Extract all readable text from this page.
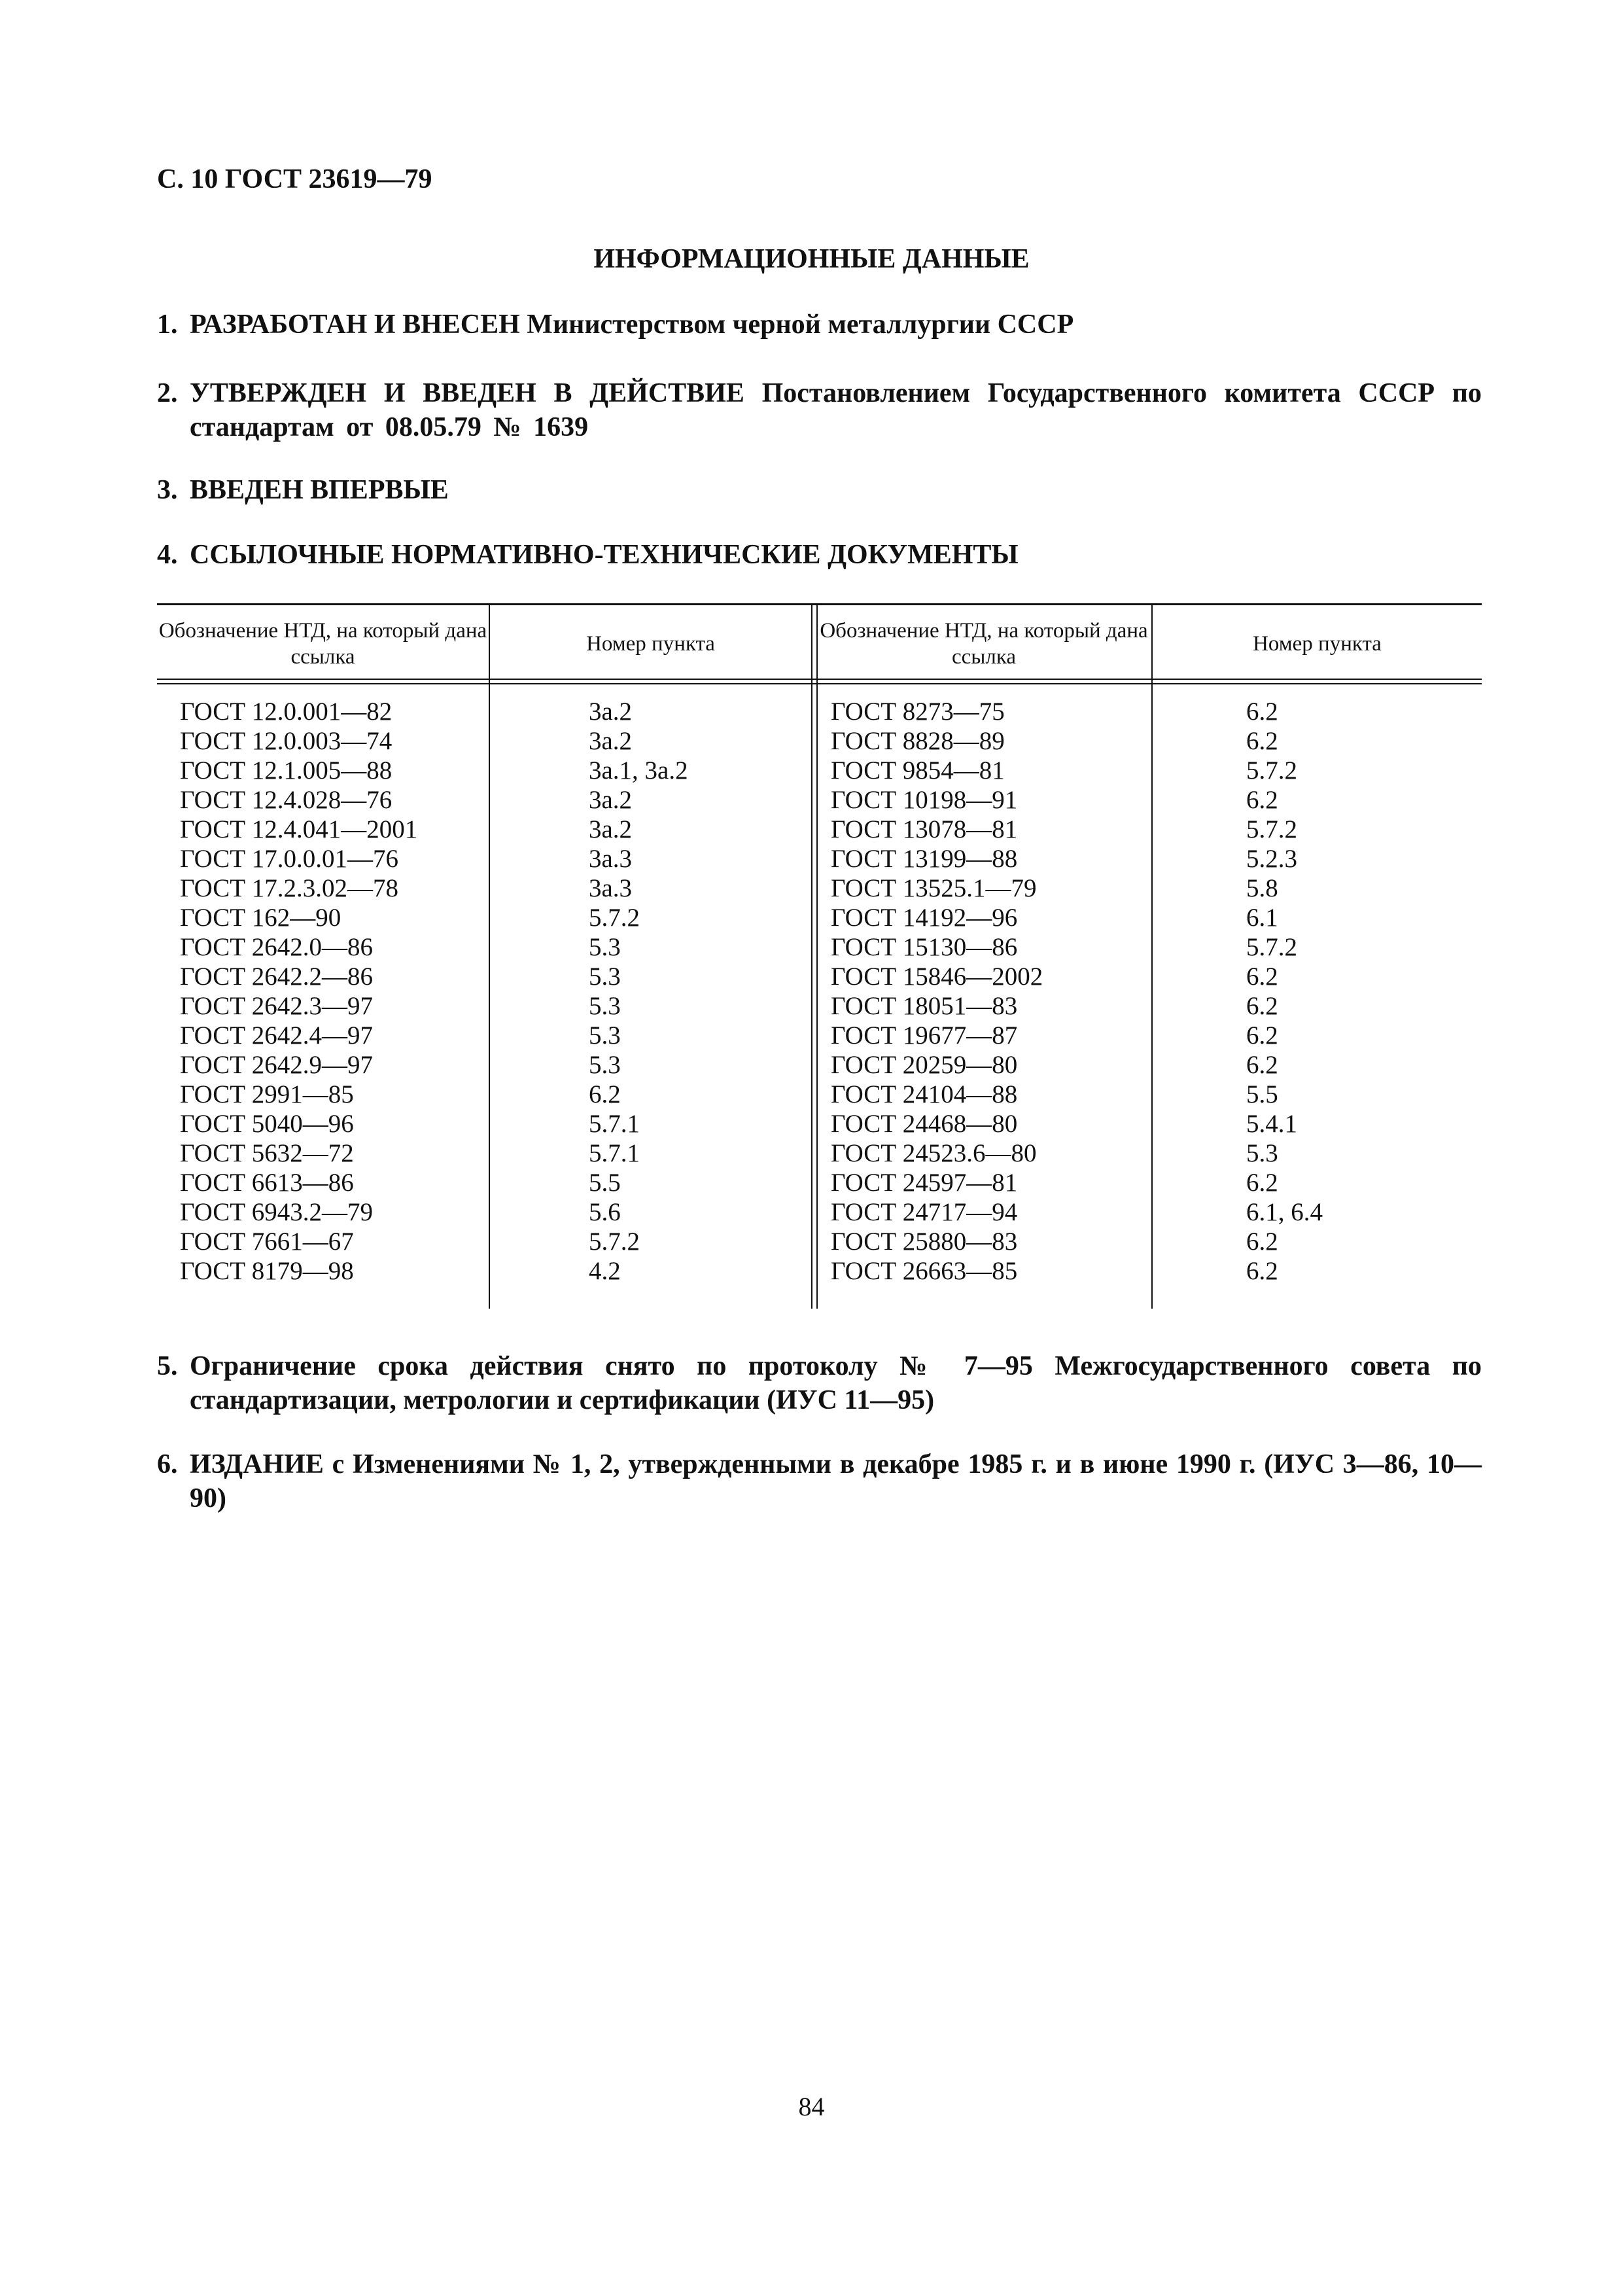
С. 10 ГОСТ 23619—79
ИНФОРМАЦИОННЫЕ ДАННЫЕ
1. РАЗРАБОТАН И ВНЕСЕН Министерством черной металлургии СССР
2. УТВЕРЖДЕН И ВВЕДЕН В ДЕЙСТВИЕ Постановлением Государственного комитета СССР по стандартам от 08.05.79 № 1639
3. ВВЕДЕН ВПЕРВЫЕ
4. ССЫЛОЧНЫЕ НОРМАТИВНО-ТЕХНИЧЕСКИЕ ДОКУМЕНТЫ
Обозначение НТД, на который дана ссылка
Номер пункта
Обозначение НТД, на который дана ссылка
Номер пункта
ГОСТ 12.0.001—82	3а.2	ГОСТ 8273—75	6.2
ГОСТ 12.0.003—74	3а.2	ГОСТ 8828—89	6.2
ГОСТ 12.1.005—88	3а.1, 3а.2	ГОСТ 9854—81	5.7.2
ГОСТ 12.4.028—76	3а.2	ГОСТ 10198—91	6.2
ГОСТ 12.4.041—2001	3а.2	ГОСТ 13078—81	5.7.2
ГОСТ 17.0.0.01—76	3а.3	ГОСТ 13199—88	5.2.3
ГОСТ 17.2.3.02—78	3а.3	ГОСТ 13525.1—79	5.8
ГОСТ 162—90	5.7.2	ГОСТ 14192—96	6.1
ГОСТ 2642.0—86	5.3	ГОСТ 15130—86	5.7.2
ГОСТ 2642.2—86	5.3	ГОСТ 15846—2002	6.2
ГОСТ 2642.3—97	5.3	ГОСТ 18051—83	6.2
ГОСТ 2642.4—97	5.3	ГОСТ 19677—87	6.2
ГОСТ 2642.9—97	5.3	ГОСТ 20259—80	6.2
ГОСТ 2991—85	6.2	ГОСТ 24104—88	5.5
ГОСТ 5040—96	5.7.1	ГОСТ 24468—80	5.4.1
ГОСТ 5632—72	5.7.1	ГОСТ 24523.6—80	5.3
ГОСТ 6613—86	5.5	ГОСТ 24597—81	6.2
ГОСТ 6943.2—79	5.6	ГОСТ 24717—94	6.1, 6.4
ГОСТ 7661—67	5.7.2	ГОСТ 25880—83	6.2
ГОСТ 8179—98	4.2	ГОСТ 26663—85	6.2
5. Ограничение срока действия снято по протоколу № 7—95 Межгосударственного совета по стандартизации, метрологии и сертификации (ИУС 11—95)
6. ИЗДАНИЕ с Изменениями № 1, 2, утвержденными в декабре 1985 г. и в июне 1990 г. (ИУС 3—86, 10—90)
84
